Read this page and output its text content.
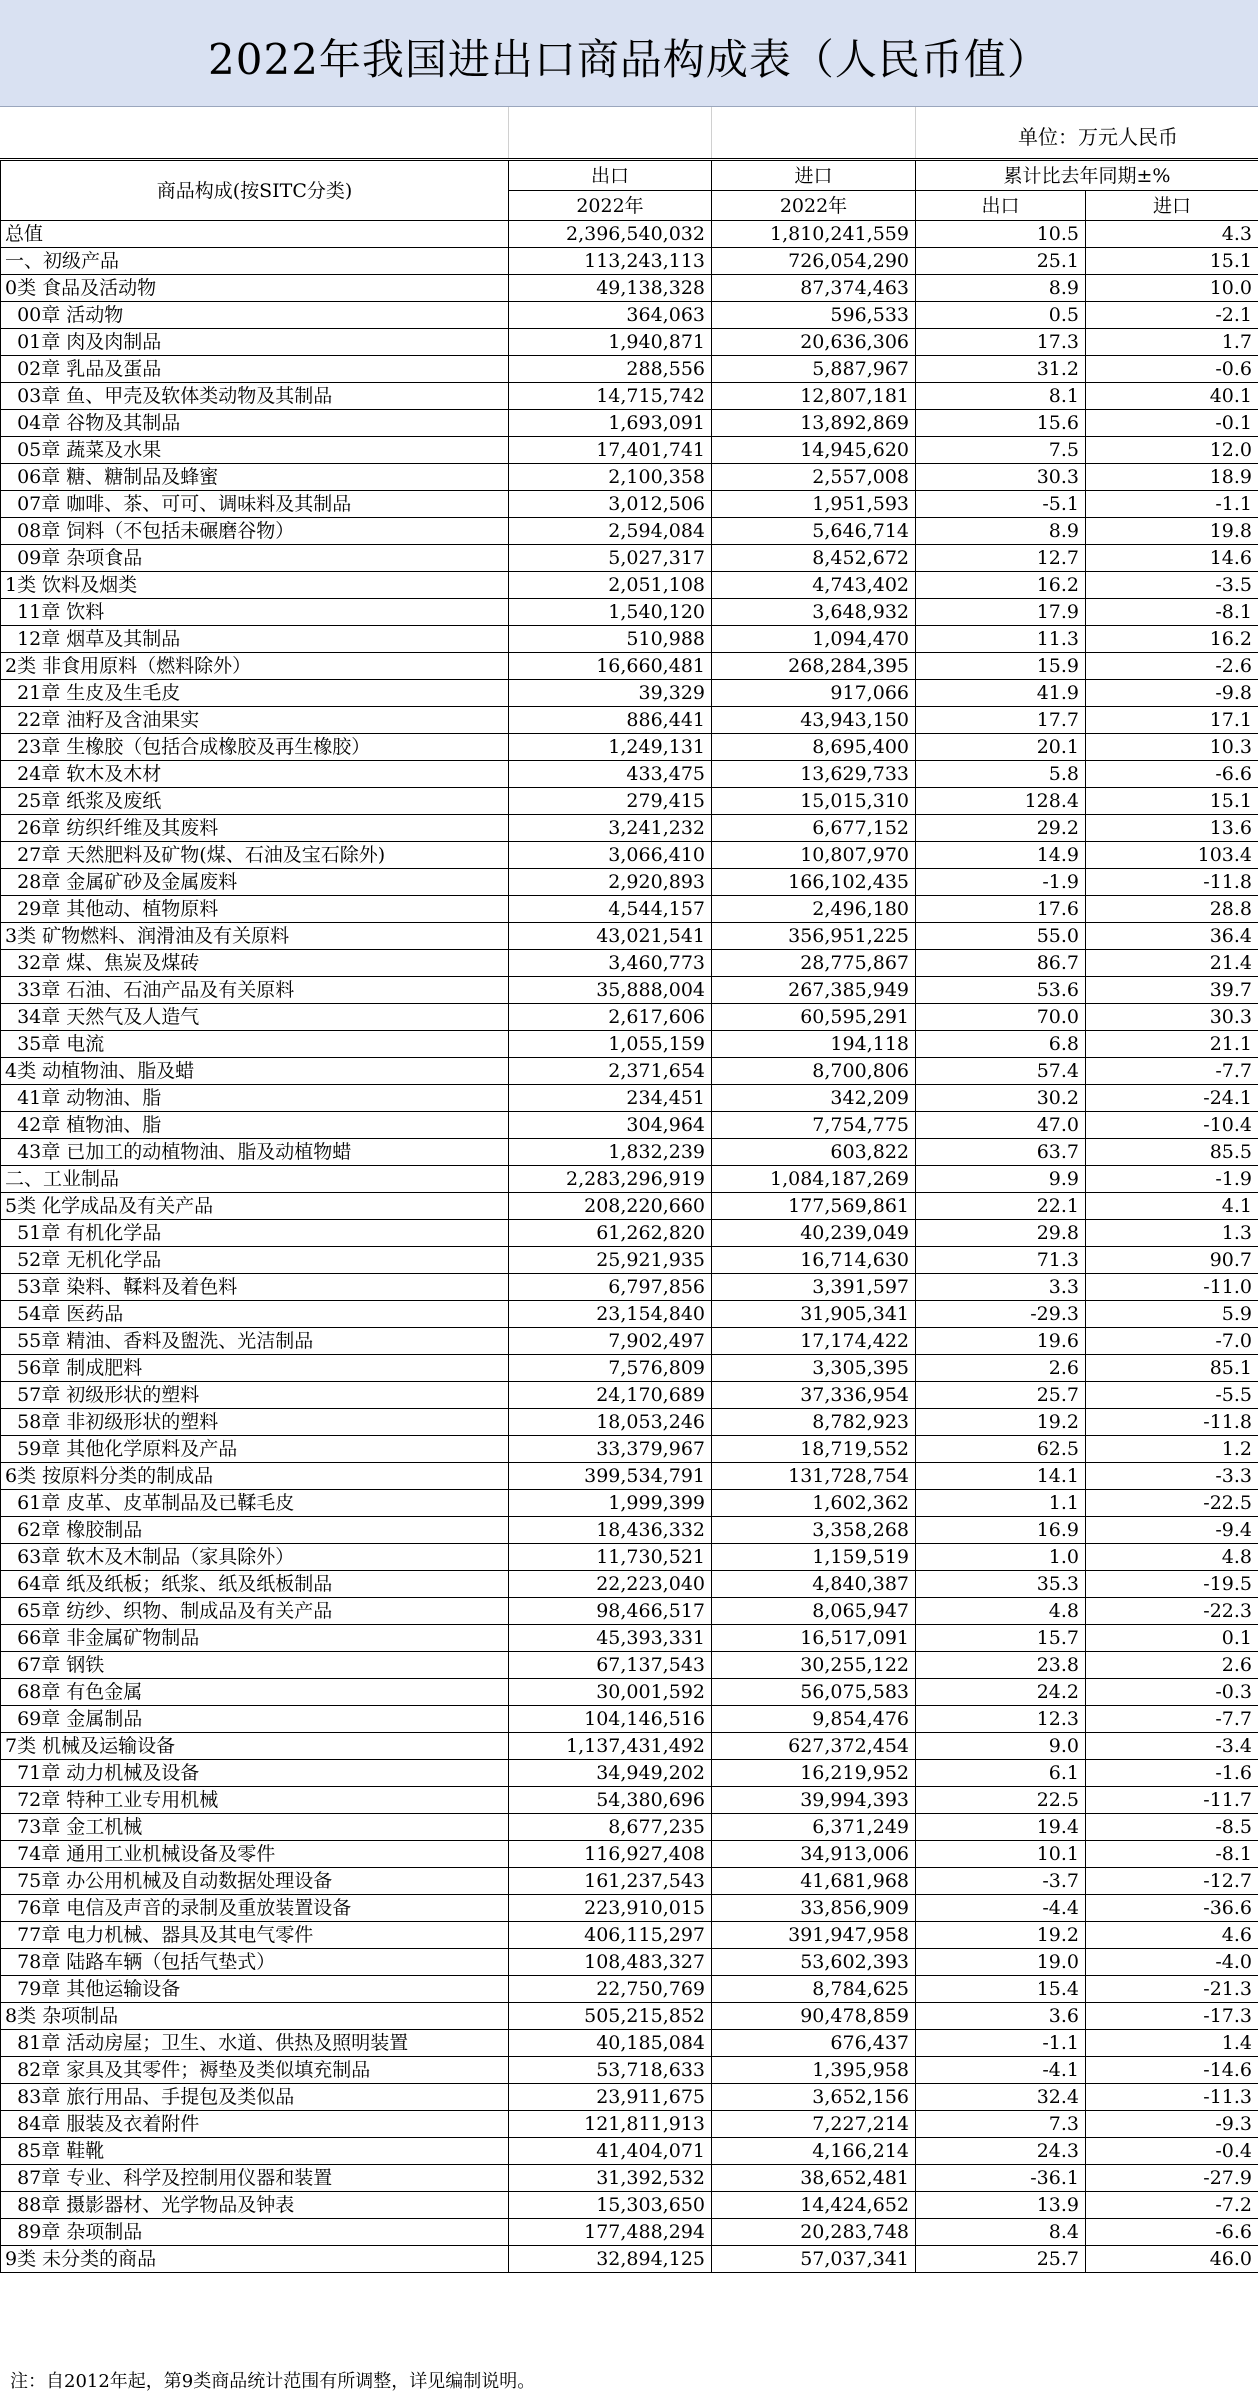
2022年我国进出口商品构成表（人民币值）
单位：万元人民币
商品构成(按SITC分类)	出口	进口	累计比去年同期±%	
	2022年	2022年	出口	进口
总值	2,396,540,032	1,810,241,559	10.5	4.3
一、初级产品	113,243,113	726,054,290	25.1	15.1
0类 食品及活动物	49,138,328	87,374,463	8.9	10.0
00章 活动物	364,063	596,533	0.5	-2.1
01章 肉及肉制品	1,940,871	20,636,306	17.3	1.7
02章 乳品及蛋品	288,556	5,887,967	31.2	-0.6
03章 鱼、甲壳及软体类动物及其制品	14,715,742	12,807,181	8.1	40.1
04章 谷物及其制品	1,693,091	13,892,869	15.6	-0.1
05章 蔬菜及水果	17,401,741	14,945,620	7.5	12.0
06章 糖、糖制品及蜂蜜	2,100,358	2,557,008	30.3	18.9
07章 咖啡、茶、可可、调味料及其制品	3,012,506	1,951,593	-5.1	-1.1
08章 饲料（不包括未碾磨谷物）	2,594,084	5,646,714	8.9	19.8
09章 杂项食品	5,027,317	8,452,672	12.7	14.6
1类 饮料及烟类	2,051,108	4,743,402	16.2	-3.5
11章 饮料	1,540,120	3,648,932	17.9	-8.1
12章 烟草及其制品	510,988	1,094,470	11.3	16.2
2类 非食用原料（燃料除外）	16,660,481	268,284,395	15.9	-2.6
21章 生皮及生毛皮	39,329	917,066	41.9	-9.8
22章 油籽及含油果实	886,441	43,943,150	17.7	17.1
23章 生橡胶（包括合成橡胶及再生橡胶）	1,249,131	8,695,400	20.1	10.3
24章 软木及木材	433,475	13,629,733	5.8	-6.6
25章 纸浆及废纸	279,415	15,015,310	128.4	15.1
26章 纺织纤维及其废料	3,241,232	6,677,152	29.2	13.6
27章 天然肥料及矿物(煤、石油及宝石除外)	3,066,410	10,807,970	14.9	103.4
28章 金属矿砂及金属废料	2,920,893	166,102,435	-1.9	-11.8
29章 其他动、植物原料	4,544,157	2,496,180	17.6	28.8
3类 矿物燃料、润滑油及有关原料	43,021,541	356,951,225	55.0	36.4
32章 煤、焦炭及煤砖	3,460,773	28,775,867	86.7	21.4
33章 石油、石油产品及有关原料	35,888,004	267,385,949	53.6	39.7
34章 天然气及人造气	2,617,606	60,595,291	70.0	30.3
35章 电流	1,055,159	194,118	6.8	21.1
4类 动植物油、脂及蜡	2,371,654	8,700,806	57.4	-7.7
41章 动物油、脂	234,451	342,209	30.2	-24.1
42章 植物油、脂	304,964	7,754,775	47.0	-10.4
43章 已加工的动植物油、脂及动植物蜡	1,832,239	603,822	63.7	85.5
二、工业制品	2,283,296,919	1,084,187,269	9.9	-1.9
5类 化学成品及有关产品	208,220,660	177,569,861	22.1	4.1
51章 有机化学品	61,262,820	40,239,049	29.8	1.3
52章 无机化学品	25,921,935	16,714,630	71.3	90.7
53章 染料、鞣料及着色料	6,797,856	3,391,597	3.3	-11.0
54章 医药品	23,154,840	31,905,341	-29.3	5.9
55章 精油、香料及盥洗、光洁制品	7,902,497	17,174,422	19.6	-7.0
56章 制成肥料	7,576,809	3,305,395	2.6	85.1
57章 初级形状的塑料	24,170,689	37,336,954	25.7	-5.5
58章 非初级形状的塑料	18,053,246	8,782,923	19.2	-11.8
59章 其他化学原料及产品	33,379,967	18,719,552	62.5	1.2
6类 按原料分类的制成品	399,534,791	131,728,754	14.1	-3.3
61章 皮革、皮革制品及已鞣毛皮	1,999,399	1,602,362	1.1	-22.5
62章 橡胶制品	18,436,332	3,358,268	16.9	-9.4
63章 软木及木制品（家具除外）	11,730,521	1,159,519	1.0	4.8
64章 纸及纸板；纸浆、纸及纸板制品	22,223,040	4,840,387	35.3	-19.5
65章 纺纱、织物、制成品及有关产品	98,466,517	8,065,947	4.8	-22.3
66章 非金属矿物制品	45,393,331	16,517,091	15.7	0.1
67章 钢铁	67,137,543	30,255,122	23.8	2.6
68章 有色金属	30,001,592	56,075,583	24.2	-0.3
69章 金属制品	104,146,516	9,854,476	12.3	-7.7
7类 机械及运输设备	1,137,431,492	627,372,454	9.0	-3.4
71章 动力机械及设备	34,949,202	16,219,952	6.1	-1.6
72章 特种工业专用机械	54,380,696	39,994,393	22.5	-11.7
73章 金工机械	8,677,235	6,371,249	19.4	-8.5
74章 通用工业机械设备及零件	116,927,408	34,913,006	10.1	-8.1
75章 办公用机械及自动数据处理设备	161,237,543	41,681,968	-3.7	-12.7
76章 电信及声音的录制及重放装置设备	223,910,015	33,856,909	-4.4	-36.6
77章 电力机械、器具及其电气零件	406,115,297	391,947,958	19.2	4.6
78章 陆路车辆（包括气垫式）	108,483,327	53,602,393	19.0	-4.0
79章 其他运输设备	22,750,769	8,784,625	15.4	-21.3
8类 杂项制品	505,215,852	90,478,859	3.6	-17.3
81章 活动房屋；卫生、水道、供热及照明装置	40,185,084	676,437	-1.1	1.4
82章 家具及其零件；褥垫及类似填充制品	53,718,633	1,395,958	-4.1	-14.6
83章 旅行用品、手提包及类似品	23,911,675	3,652,156	32.4	-11.3
84章 服装及衣着附件	121,811,913	7,227,214	7.3	-9.3
85章 鞋靴	41,404,071	4,166,214	24.3	-0.4
87章 专业、科学及控制用仪器和装置	31,392,532	38,652,481	-36.1	-27.9
88章 摄影器材、光学物品及钟表	15,303,650	14,424,652	13.9	-7.2
89章 杂项制品	177,488,294	20,283,748	8.4	-6.6
9类 未分类的商品	32,894,125	57,037,341	25.7	46.0
注：自2012年起，第9类商品统计范围有所调整，详见编制说明。
